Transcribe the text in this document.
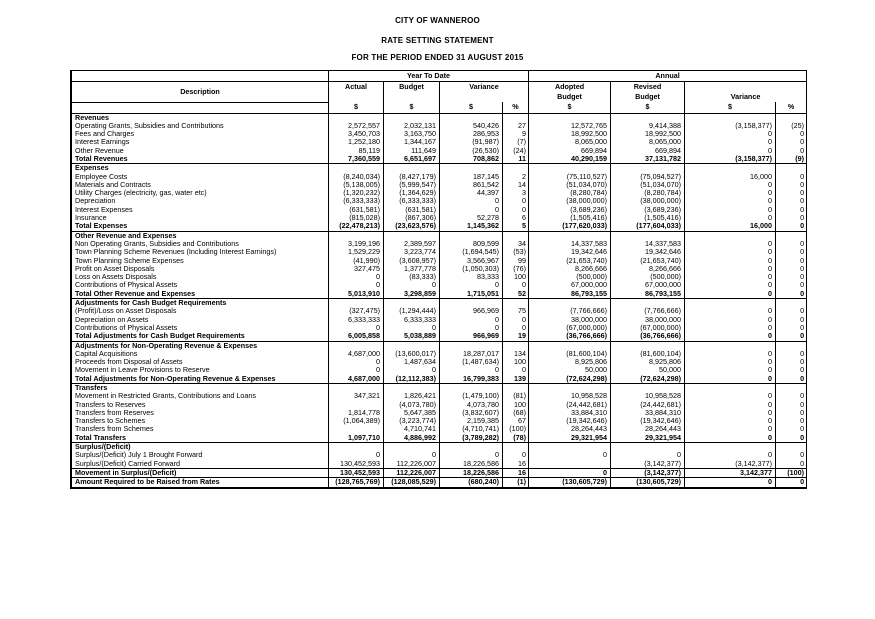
CITY OF WANNEROO
RATE SETTING STATEMENT
FOR THE PERIOD ENDED 31 AUGUST 2015
	Year To Date				Annual			
Description	Actual	Budget	Variance		Adopted	Revised	Variance	
					Budget	Budget		
	$	$	$	%	$	$	$	%
Revenues								
Operating Grants, Subsidies and Contributions	2,572,557	2,032,131	540,426	27	12,572,765	9,414,388	(3,158,377)	(25)
Fees and Charges	3,450,703	3,163,750	286,953	9	18,992,500	18,992,500	0	0
Interest Earnings	1,252,180	1,344,167	(91,987)	(7)	8,065,000	8,065,000	0	0
Other Revenue	85,119	111,649	(26,530)	(24)	669,894	669,894	0	0
Total Revenues	7,360,559	6,651,697	708,862	11	40,290,159	37,131,782	(3,158,377)	(9)
Expenses								
Employee Costs	(8,240,034)	(8,427,179)	187,145	2	(75,110,527)	(75,094,527)	16,000	0
Materials and Contracts	(5,138,005)	(5,999,547)	861,542	14	(51,034,070)	(51,034,070)	0	0
Utility Charges (electricity, gas, water etc)	(1,320,232)	(1,364,629)	44,397	3	(8,280,784)	(8,280,784)	0	0
Depreciation	(6,333,333)	(6,333,333)	0	0	(38,000,000)	(38,000,000)	0	0
Interest Expenses	(631,581)	(631,581)	0	0	(3,689,236)	(3,689,236)	0	0
Insurance	(815,028)	(867,306)	52,278	6	(1,505,416)	(1,505,416)	0	0
Total Expenses	(22,478,213)	(23,623,576)	1,145,362	5	(177,620,033)	(177,604,033)	16,000	0
Other Revenue and Expenses								
Non Operating Grants, Subsidies and Contributions	3,199,196	2,389,597	809,599	34	14,337,583	14,337,583	0	0
Town Planning Scheme Revenues (Including Interest Earnings)	1,529,229	3,223,774	(1,694,545)	(53)	19,342,646	19,342,646	0	0
Town Planning Scheme Expenses	(41,990)	(3,608,957)	3,566,967	99	(21,653,740)	(21,653,740)	0	0
Profit on Asset Disposals	327,475	1,377,778	(1,050,303)	(76)	8,266,666	8,266,666	0	0
Loss on Assets Disposals	0	(83,333)	83,333	100	(500,000)	(500,000)	0	0
Contributions of Physical Assets	0	0	0	0	67,000,000	67,000,000	0	0
Total Other Revenue and Expenses	5,013,910	3,298,859	1,715,051	52	86,793,155	86,793,155	0	0
Adjustments for Cash Budget Requirements								
(Profit)/Loss on Asset Disposals	(327,475)	(1,294,444)	966,969	75	(7,766,666)	(7,766,666)	0	0
Depreciation on Assets	6,333,333	6,333,333	0	0	38,000,000	38,000,000	0	0
Contributions of Physical Assets	0	0	0	0	(67,000,000)	(67,000,000)	0	0
Total Adjustments for Cash Budget Requirements	6,005,858	5,038,889	966,969	19	(36,766,666)	(36,766,666)	0	0
Adjustments for Non-Operating Revenue & Expenses								
Capital Acquisitions	4,687,000	(13,600,017)	18,287,017	134	(81,600,104)	(81,600,104)	0	0
Proceeds from Disposal of Assets	0	1,487,634	(1,487,634)	100	8,925,806	8,925,806	0	0
Movement in Leave Provisions to Reserve	0	0	0	0	50,000	50,000	0	0
Total Adjustments for Non-Operating Revenue & Expenses	4,687,000	(12,112,383)	16,799,383	139	(72,624,298)	(72,624,298)	0	0
Transfers								
Movement in Restricted Grants, Contributions and Loans	347,321	1,826,421	(1,479,100)	(81)	10,958,528	10,958,528	0	0
Transfers to Reserves		(4,073,780)	4,073,780	100	(24,442,681)	(24,442,681)	0	0
Transfers from Reserves	1,814,778	5,647,385	(3,832,607)	(68)	33,884,310	33,884,310	0	0
Transfers to Schemes	(1,064,389)	(3,223,774)	2,159,385	67	(19,342,646)	(19,342,646)	0	0
Transfers from Schemes		4,710,741	(4,710,741)	(100)	28,264,443	28,264,443	0	0
Total Transfers	1,097,710	4,886,992	(3,789,282)	(78)	29,321,954	29,321,954	0	0
Surplus/(Deficit)								
Surplus/(Deficit) July 1 Brought Forward	0	0	0	0	0	0	0	0
Surplus/(Deficit) Carried Forward	130,452,593	112,226,007	18,226,586	16		(3,142,377)	(3,142,377)	0
Movement in Surplus/(Deficit)	130,452,593	112,226,007	18,226,586	16	0	(3,142,377)	3,142,377	(100)
Amount Required to be Raised from Rates	(128,765,769)	(128,085,529)	(680,240)	(1)	(130,605,729)	(130,605,729)	0	0
